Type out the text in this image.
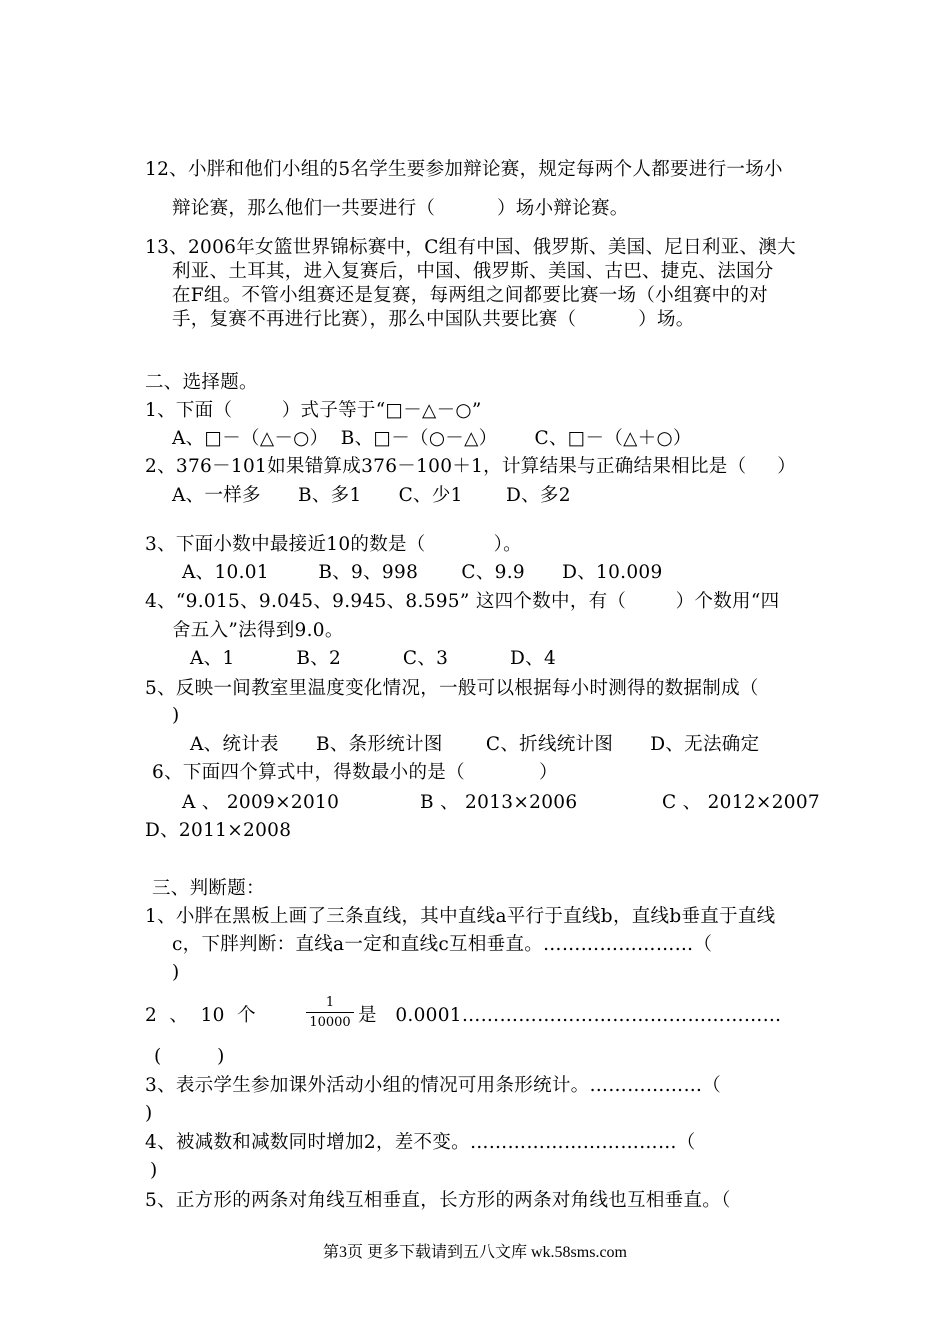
12、小胖和他们小组的5名学生要参加辩论赛，规定每两个人都要进行一场小
辩论赛，那么他们一共要进行（          ）场小辩论赛。
13、2006年女篮世界锦标赛中，C组有中国、俄罗斯、美国、尼日利亚、澳大
利亚、土耳其，进入复赛后，中国、俄罗斯、美国、古巴、捷克、法国分
在F组。不管小组赛还是复赛，每两组之间都要比赛一场（小组赛中的对
手，复赛不再进行比赛），那么中国队共要比赛（          ）场。
二、选择题。
1、下面（        ）式子等于“□－△－○”
A、□－（△－○）  B、□－（○－△）      C、□－（△＋○）
2、376－101如果错算成376－100＋1，计算结果与正确结果相比是（     ）
A、一样多      B、多1      C、少1       D、多2
3、下面小数中最接近10的数是（           ）。
A、10.01        B、9、998       C、9.9      D、10.009
4、“9.015、9.045、9.945、8.595” 这四个数中，有（        ）个数用“四
舍五入”法得到9.0。
A、1          B、2          C、3          D、4
5、反映一间教室里温度变化情况，一般可以根据每小时测得的数据制成（
)
A、统计表      B、条形统计图       C、折线统计图      D、无法确定
6、下面四个算式中，得数最小的是（            ）
A 、 2009×2010	B 、 2013×2006	C 、 2012×2007
D、2011×2008
三、判断题：
1、小胖在黑板上画了三条直线，其中直线a平行于直线b，直线b垂直于直线
c，下胖判断：直线a一定和直线c互相垂直。……………………（
)
2  、  10  个
1
10000 是   0.0001……………………………………………
(         )
3、表示学生参加课外活动小组的情况可用条形统计。………………（
)
4、被减数和减数同时增加2，差不变。……………………………（
)
5、正方形的两条对角线互相垂直，长方形的两条对角线也互相垂直。（
第3页 更多下载请到五八文库 wk.58sms.com
